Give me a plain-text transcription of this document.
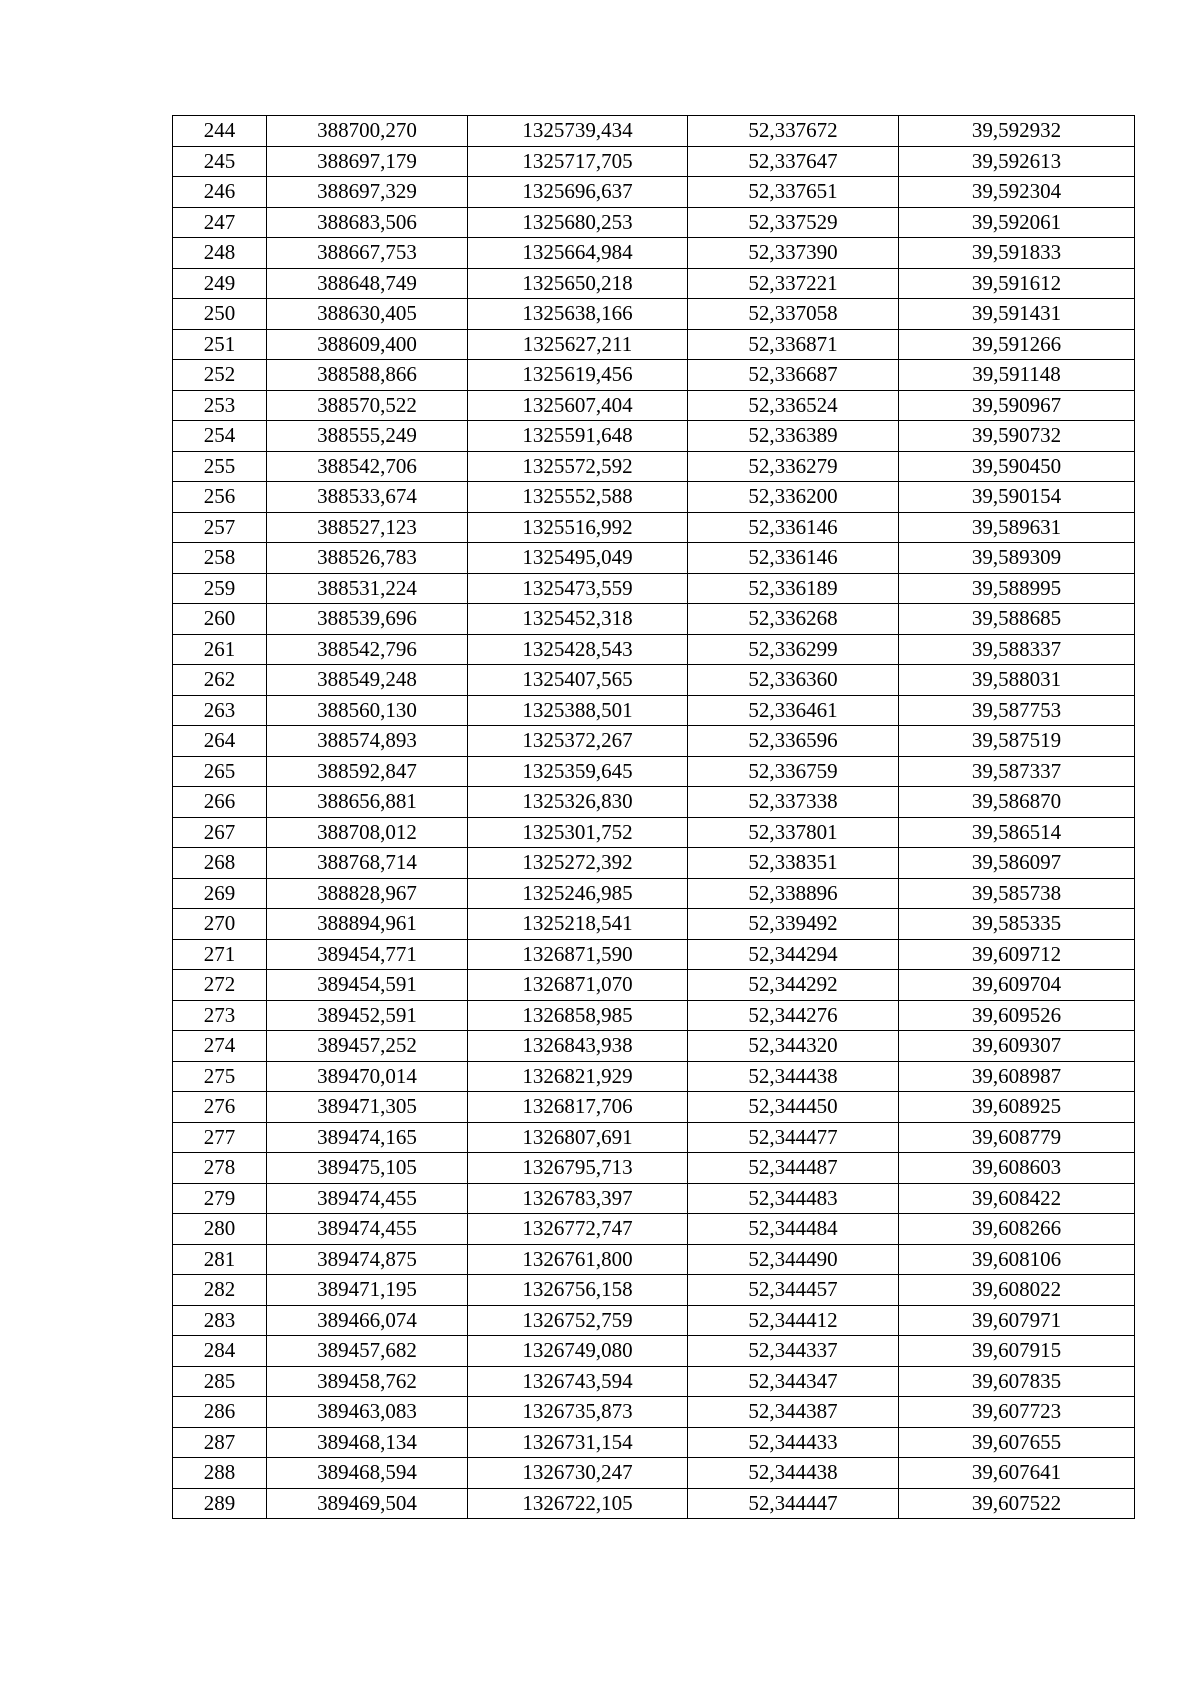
244	388700,270	1325739,434	52,337672	39,592932
245	388697,179	1325717,705	52,337647	39,592613
246	388697,329	1325696,637	52,337651	39,592304
247	388683,506	1325680,253	52,337529	39,592061
248	388667,753	1325664,984	52,337390	39,591833
249	388648,749	1325650,218	52,337221	39,591612
250	388630,405	1325638,166	52,337058	39,591431
251	388609,400	1325627,211	52,336871	39,591266
252	388588,866	1325619,456	52,336687	39,591148
253	388570,522	1325607,404	52,336524	39,590967
254	388555,249	1325591,648	52,336389	39,590732
255	388542,706	1325572,592	52,336279	39,590450
256	388533,674	1325552,588	52,336200	39,590154
257	388527,123	1325516,992	52,336146	39,589631
258	388526,783	1325495,049	52,336146	39,589309
259	388531,224	1325473,559	52,336189	39,588995
260	388539,696	1325452,318	52,336268	39,588685
261	388542,796	1325428,543	52,336299	39,588337
262	388549,248	1325407,565	52,336360	39,588031
263	388560,130	1325388,501	52,336461	39,587753
264	388574,893	1325372,267	52,336596	39,587519
265	388592,847	1325359,645	52,336759	39,587337
266	388656,881	1325326,830	52,337338	39,586870
267	388708,012	1325301,752	52,337801	39,586514
268	388768,714	1325272,392	52,338351	39,586097
269	388828,967	1325246,985	52,338896	39,585738
270	388894,961	1325218,541	52,339492	39,585335
271	389454,771	1326871,590	52,344294	39,609712
272	389454,591	1326871,070	52,344292	39,609704
273	389452,591	1326858,985	52,344276	39,609526
274	389457,252	1326843,938	52,344320	39,609307
275	389470,014	1326821,929	52,344438	39,608987
276	389471,305	1326817,706	52,344450	39,608925
277	389474,165	1326807,691	52,344477	39,608779
278	389475,105	1326795,713	52,344487	39,608603
279	389474,455	1326783,397	52,344483	39,608422
280	389474,455	1326772,747	52,344484	39,608266
281	389474,875	1326761,800	52,344490	39,608106
282	389471,195	1326756,158	52,344457	39,608022
283	389466,074	1326752,759	52,344412	39,607971
284	389457,682	1326749,080	52,344337	39,607915
285	389458,762	1326743,594	52,344347	39,607835
286	389463,083	1326735,873	52,344387	39,607723
287	389468,134	1326731,154	52,344433	39,607655
288	389468,594	1326730,247	52,344438	39,607641
289	389469,504	1326722,105	52,344447	39,607522
